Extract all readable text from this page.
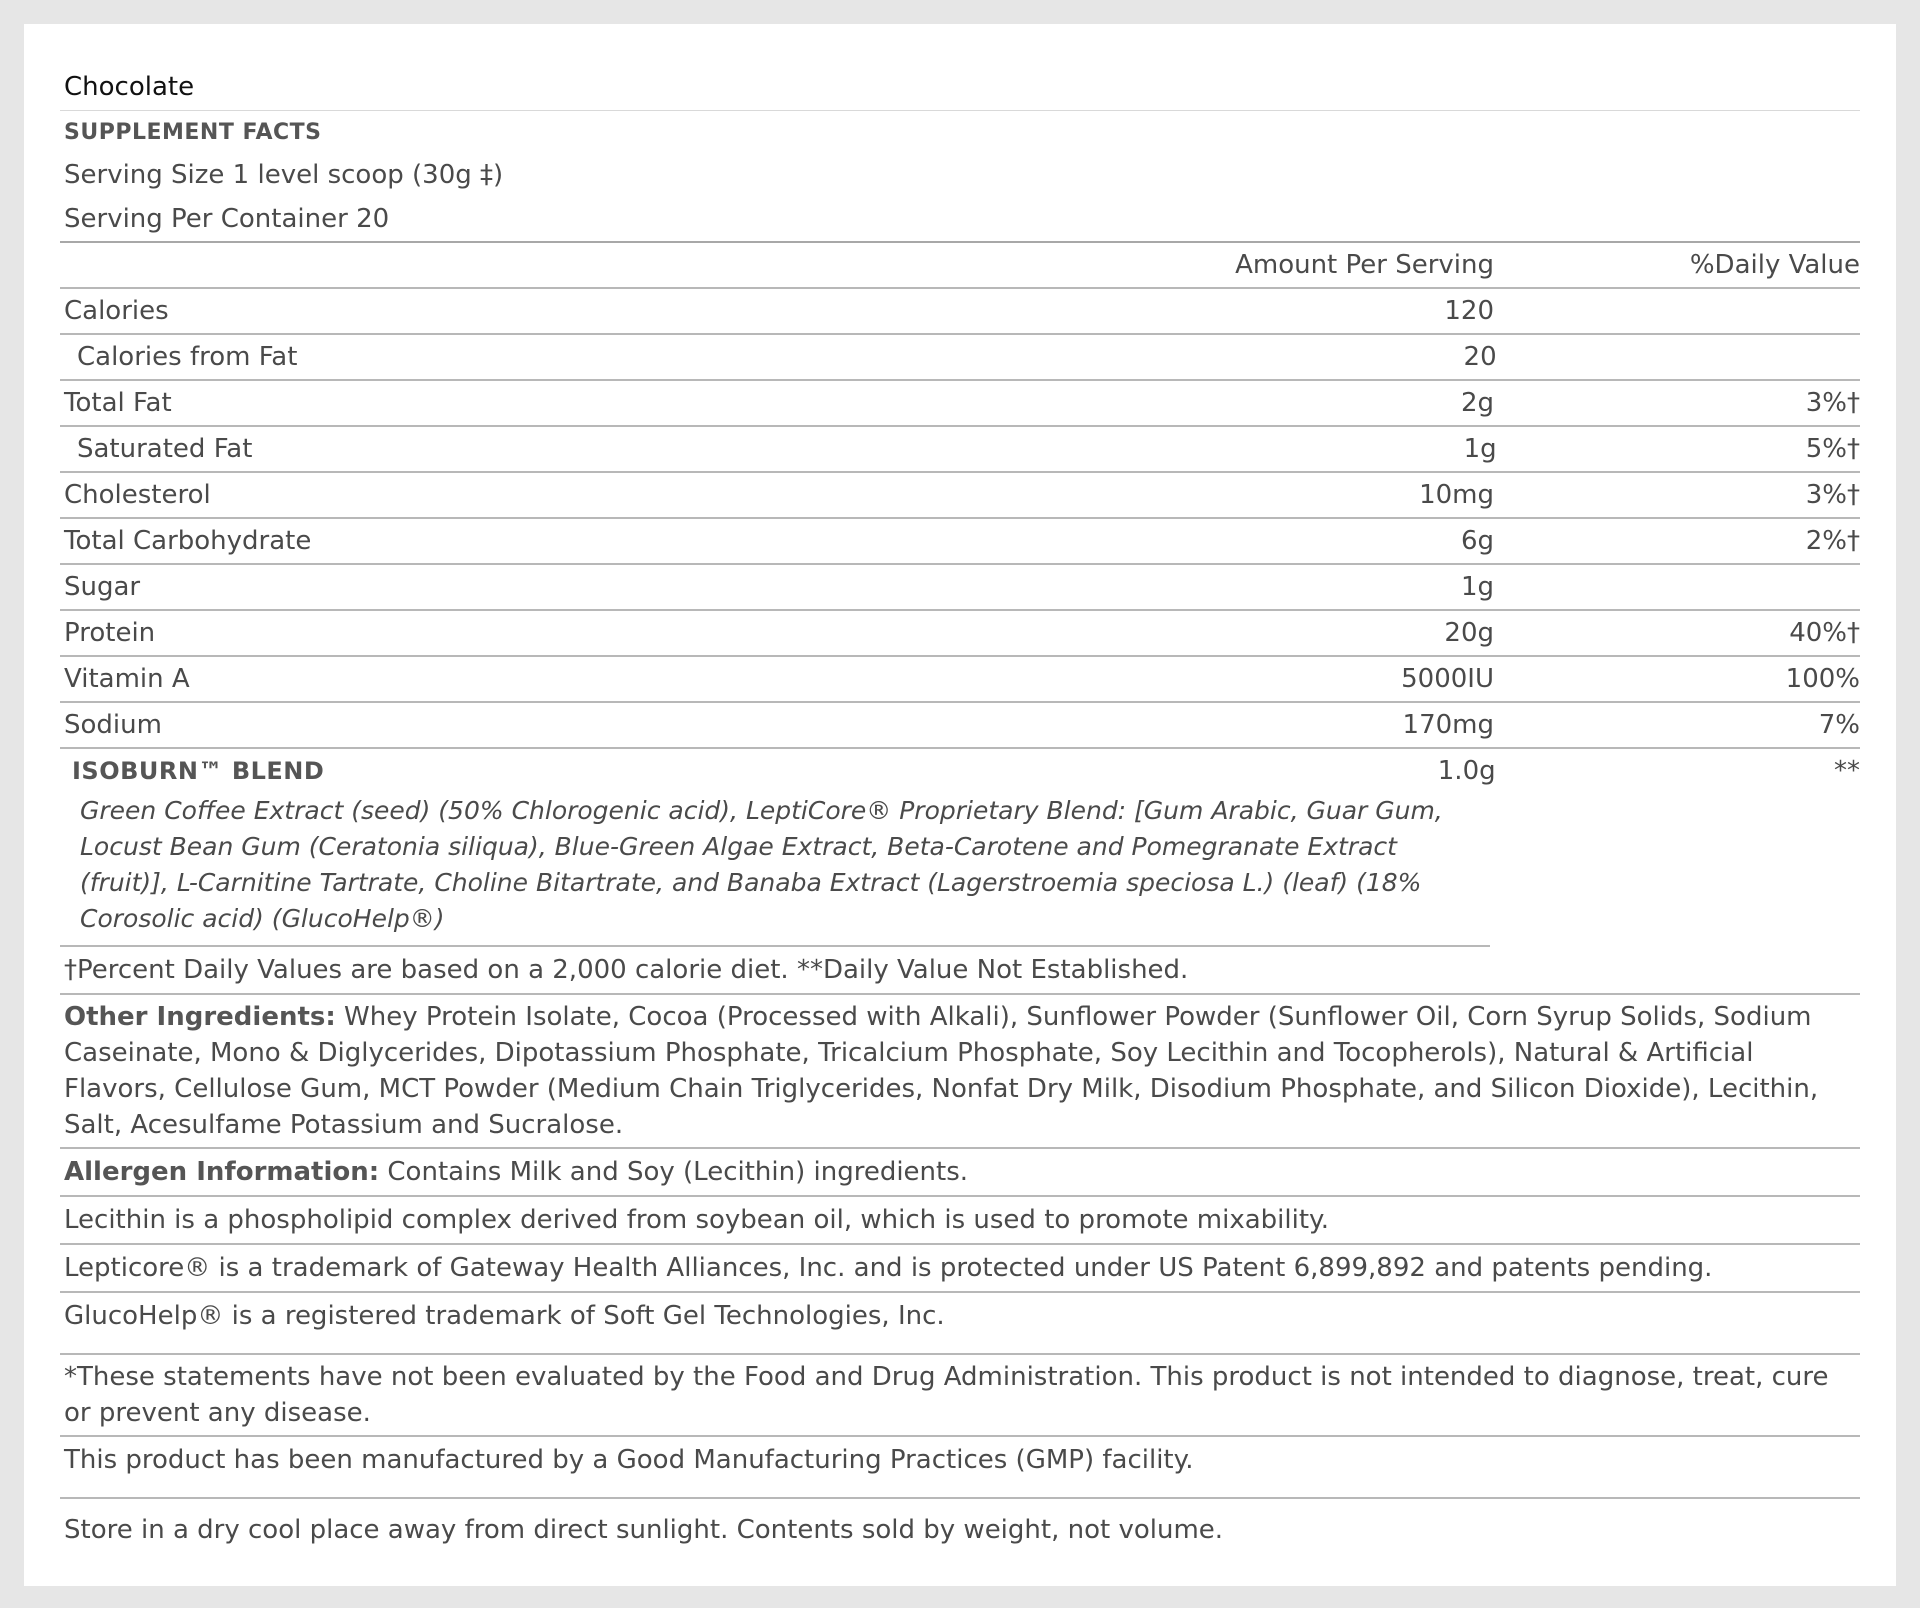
Chocolate
SUPPLEMENT FACTS
Serving Size 1 level scoop (30g ‡)
Serving Per Container 20
Amount Per Serving	%Daily Value
Calories	120
Calories from Fat	20
Total Fat	2g	3%†
Saturated Fat	1g	5%†
Cholesterol	10mg	3%†
Total Carbohydrate	6g	2%†
Sugar	1g
Protein	20g	40%†
Vitamin A	5000IU	100%
Sodium	170mg	7%
ISOBURN™ BLEND	1.0g	**
Green Coffee Extract (seed) (50% Chlorogenic acid), LeptiCore® Proprietary Blend: [Gum Arabic, Guar Gum, Locust Bean Gum (Ceratonia siliqua), Blue-Green Algae Extract, Beta-Carotene and Pomegranate Extract (fruit)], L-Carnitine Tartrate, Choline Bitartrate, and Banaba Extract (Lagerstroemia speciosa L.) (leaf) (18% Corosolic acid) (GlucoHelp®)
†Percent Daily Values are based on a 2,000 calorie diet. **Daily Value Not Established.
Other Ingredients: Whey Protein Isolate, Cocoa (Processed with Alkali), Sunflower Powder (Sunflower Oil, Corn Syrup Solids, Sodium Caseinate, Mono & Diglycerides, Dipotassium Phosphate, Tricalcium Phosphate, Soy Lecithin and Tocopherols), Natural & Artificial Flavors, Cellulose Gum, MCT Powder (Medium Chain Triglycerides, Nonfat Dry Milk, Disodium Phosphate, and Silicon Dioxide), Lecithin, Salt, Acesulfame Potassium and Sucralose.
Allergen Information: Contains Milk and Soy (Lecithin) ingredients.
Lecithin is a phospholipid complex derived from soybean oil, which is used to promote mixability.
Lepticore® is a trademark of Gateway Health Alliances, Inc. and is protected under US Patent 6,899,892 and patents pending.
GlucoHelp® is a registered trademark of Soft Gel Technologies, Inc.
*These statements have not been evaluated by the Food and Drug Administration. This product is not intended to diagnose, treat, cure or prevent any disease.
This product has been manufactured by a Good Manufacturing Practices (GMP) facility.
Store in a dry cool place away from direct sunlight. Contents sold by weight, not volume.
